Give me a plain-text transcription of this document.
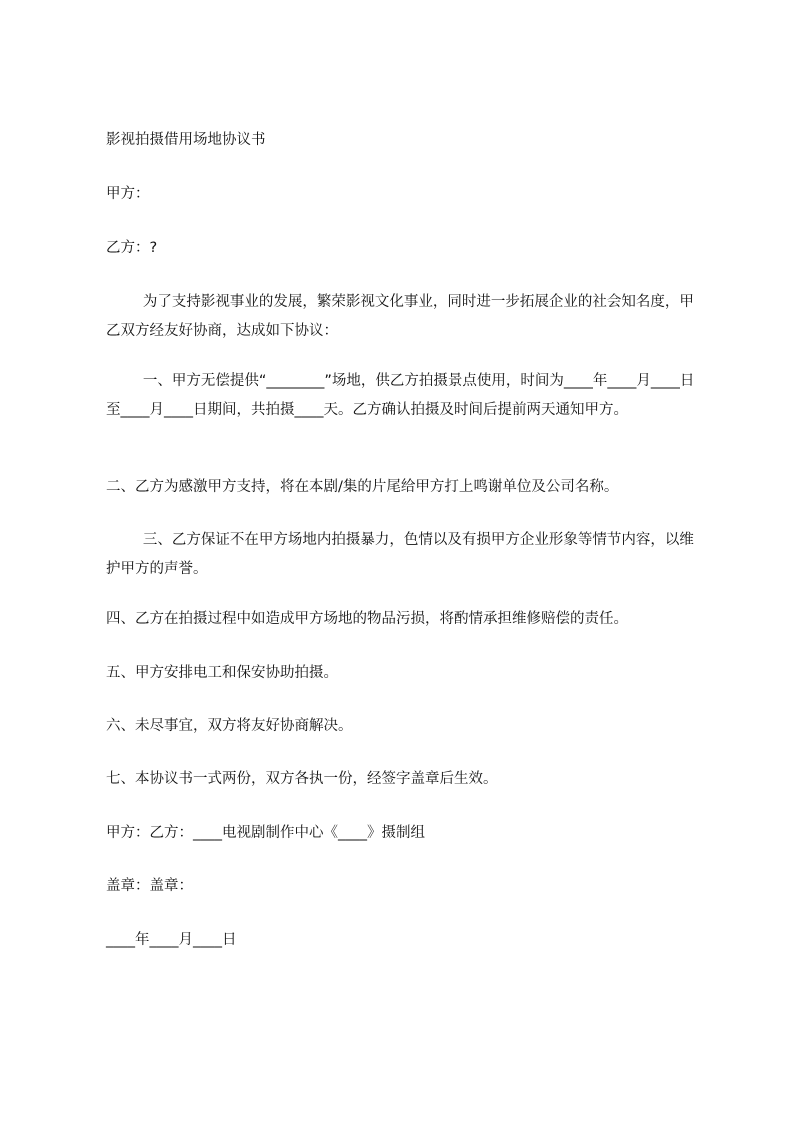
影视拍摄借用场地协议书
甲方：
乙方：?
为了支持影视事业的发展，繁荣影视文化事业，同时进一步拓展企业的社会知名度，甲乙双方经友好协商，达成如下协议：
一、甲方无偿提供“________”场地，供乙方拍摄景点使用，时间为____年____月____日至____月____日期间，共拍摄____天。乙方确认拍摄及时间后提前两天通知甲方。
二、乙方为感激甲方支持，将在本剧/集的片尾给甲方打上鸣谢单位及公司名称。
三、乙方保证不在甲方场地内拍摄暴力，色情以及有损甲方企业形象等情节内容，以维护甲方的声誉。
四、乙方在拍摄过程中如造成甲方场地的物品污损，将酌情承担维修赔偿的责任。
五、甲方安排电工和保安协助拍摄。
六、未尽事宜，双方将友好协商解决。
七、本协议书一式两份，双方各执一份，经签字盖章后生效。
甲方：乙方：____电视剧制作中心《____》摄制组
盖章：盖章：
____年____月____日
